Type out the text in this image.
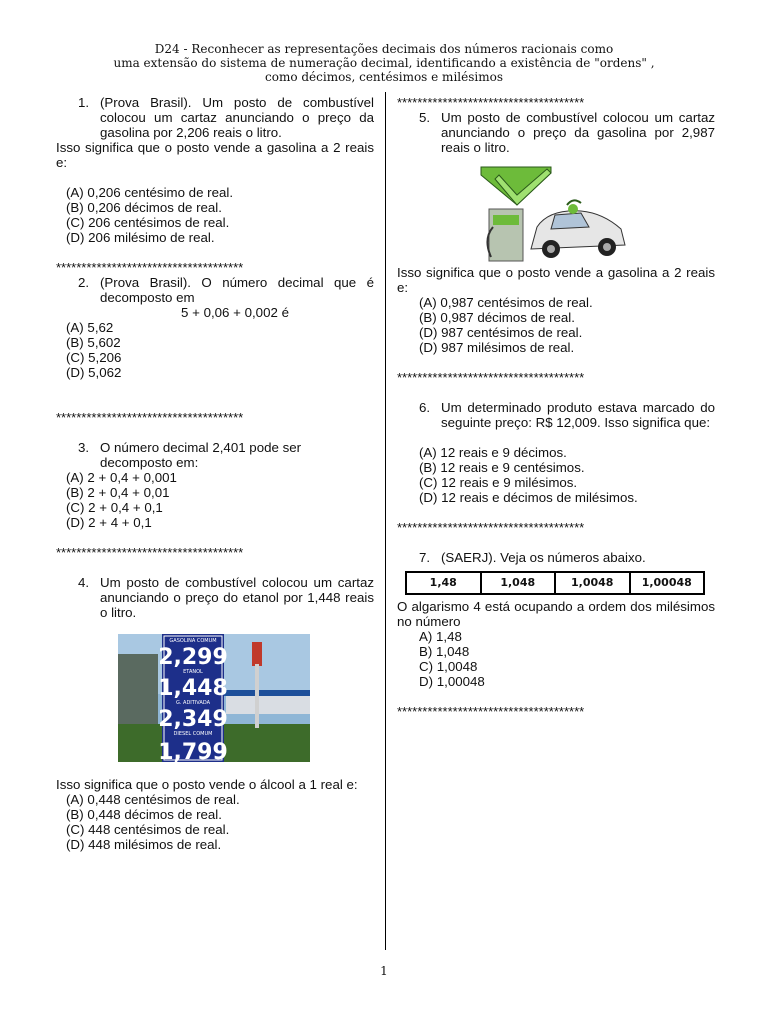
D24 - Reconhecer as representações decimais dos números racionais como
uma extensão do sistema de numeração decimal, identificando a existência de "ordens" ,
como décimos, centésimos e milésimos
1. (Prova Brasil). Um posto de combustível colocou um cartaz anunciando o preço da gasolina por 2,206 reais o litro.
Isso significa que o posto vende a gasolina a 2 reais e:
(A) 0,206 centésimo de real.
(B) 0,206 décimos de real.
(C) 206 centésimos de real.
(D) 206 milésimo de real.
*************************************
2. (Prova Brasil). O número decimal que é decomposto em
5 + 0,06 + 0,002 é
(A) 5,62
(B) 5,602
(C) 5,206
(D) 5,062
*************************************
3. O número decimal 2,401 pode ser decomposto em:
(A) 2 + 0,4 + 0,001
(B) 2 + 0,4 + 0,01
(C) 2 + 0,4 + 0,1
(D) 2 + 4 + 0,1
*************************************
4. Um posto de combustível colocou um cartaz anunciando o preço do etanol por 1,448 reais o litro.
GASOLINA COMUM
2,299
ETANOL
1,448
G. ADITIVADA
2,349
DIESEL COMUM
1,799
Isso significa que o posto vende o álcool a 1 real e:
(A) 0,448 centésimos de real.
(B) 0,448 décimos de real.
(C) 448 centésimos de real.
(D) 448 milésimos de real.
*************************************
5. Um posto de combustível colocou um cartaz anunciando o preço da gasolina por 2,987 reais o litro.
Isso significa que o posto vende a gasolina a 2 reais e:
(A) 0,987 centésimos de real.
(B) 0,987 décimos de real.
(D) 987 centésimos de real.
(D) 987 milésimos de real.
*************************************
6. Um determinado produto estava marcado do seguinte preço: R$ 12,009. Isso significa que:
(A) 12 reais e 9 décimos.
(B) 12 reais e 9 centésimos.
(C) 12 reais e 9 milésimos.
(D) 12 reais e décimos de milésimos.
*************************************
7. (SAERJ). Veja os números abaixo.
1,48	1,048	1,0048	1,00048
O algarismo 4 está ocupando a ordem dos milésimos no número
A) 1,48
B) 1,048
C) 1,0048
D) 1,00048
*************************************
1
